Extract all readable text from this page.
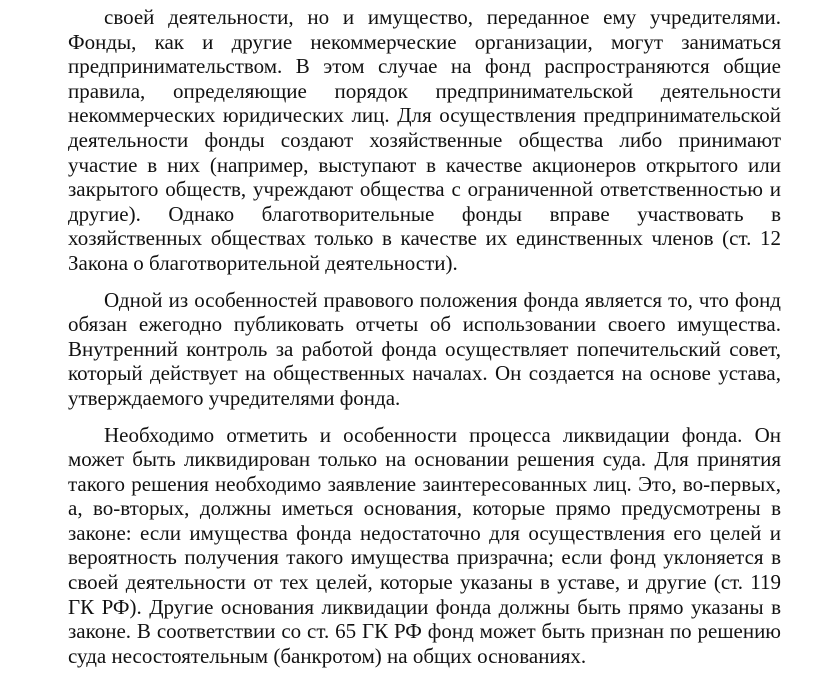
своей деятельности, но и имущество, переданное ему учредителями. Фонды, как и другие некоммерческие организации, могут заниматься предпринимательством. В этом случае на фонд распространяются общие правила, определяющие порядок предпринимательской деятельности некоммерческих юридических лиц. Для осуществления предпринимательской деятельности фонды создают хозяйственные общества либо принимают участие в них (например, выступают в качестве акционеров открытого или закрытого обществ, учреждают общества с ограниченной ответственностью и другие). Однако благотворительные фонды вправе участвовать в хозяйственных обществах только в качестве их единственных членов (ст. 12 Закона о благотворительной деятельности).

Одной из особенностей правового положения фонда является то, что фонд обязан ежегодно публиковать отчеты об использовании своего имущества. Внутренний контроль за работой фонда осуществляет попечительский совет, который действует на общественных началах. Он создается на основе устава, утверждаемого учредителями фонда.

Необходимо отметить и особенности процесса ликвидации фонда. Он может быть ликвидирован только на основании решения суда. Для принятия такого решения необходимо заявление заинтересованных лиц. Это, во-первых, а, во-вторых, должны иметься основания, которые прямо предусмотрены в законе: если имущества фонда недостаточно для осуществления его целей и вероятность получения такого имущества призрачна; если фонд уклоняется в своей деятельности от тех целей, которые указаны в уставе, и другие (ст. 119 ГК РФ). Другие основания ликвидации фонда должны быть прямо указаны в законе. В соответствии со ст. 65 ГК РФ фонд может быть признан по решению суда несостоятельным (банкротом) на общих основаниях.
